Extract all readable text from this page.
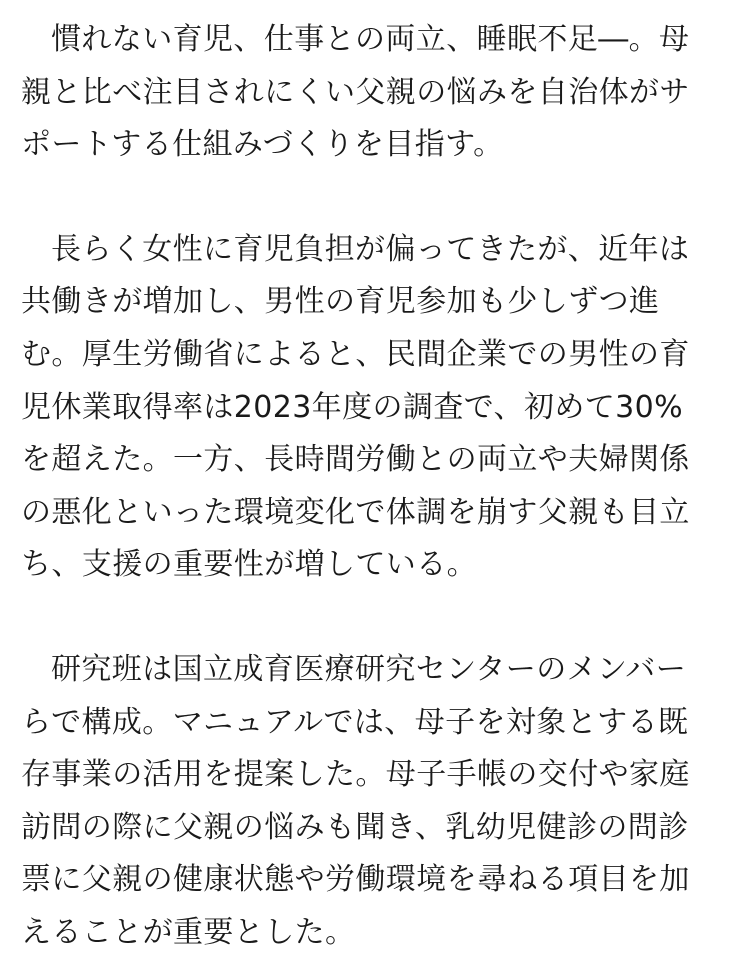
慣れない育児、仕事との両立、睡眠不足―。母
親と比べ注目されにくい父親の悩みを自治体がサ
ポートする仕組みづくりを目指す。

長らく女性に育児負担が偏ってきたが、近年は
共働きが増加し、男性の育児参加も少しずつ進
む。厚生労働省によると、民間企業での男性の育
児休業取得率は2023年度の調査で、初めて30%
を超えた。一方、長時間労働との両立や夫婦関係
の悪化といった環境変化で体調を崩す父親も目立
ち、支援の重要性が増している。

研究班は国立成育医療研究センターのメンバー
らで構成。マニュアルでは、母子を対象とする既
存事業の活用を提案した。母子手帳の交付や家庭
訪問の際に父親の悩みも聞き、乳幼児健診の問診
票に父親の健康状態や労働環境を尋ねる項目を加
えることが重要とした。
